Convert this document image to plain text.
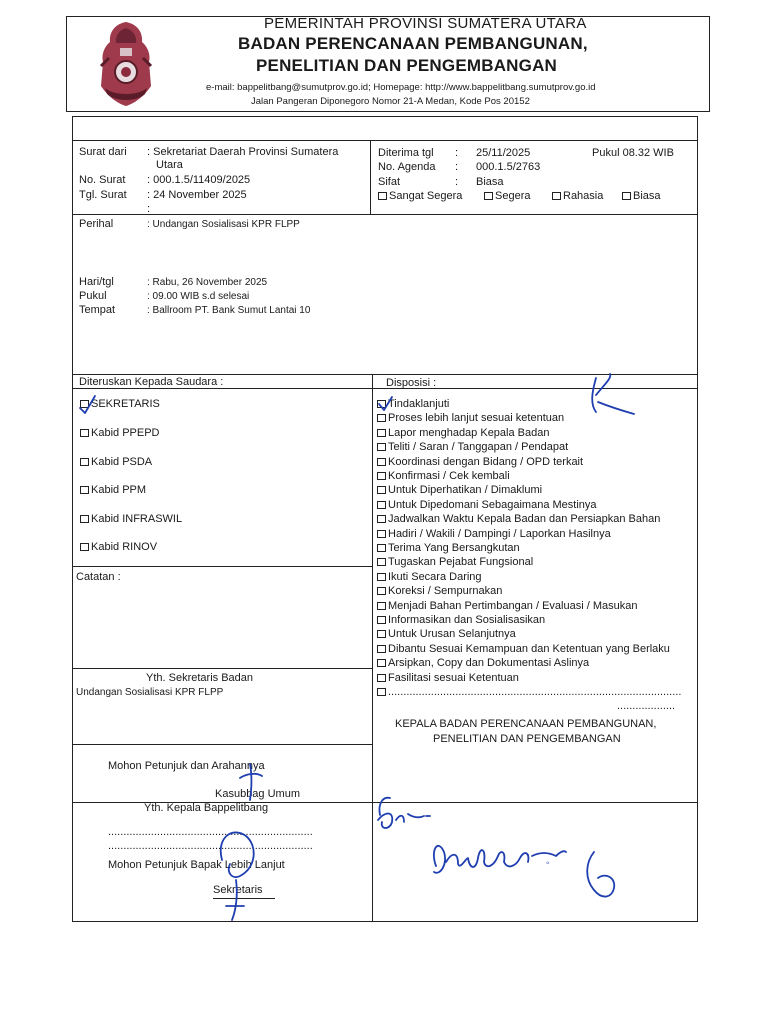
PEMERINTAH PROVINSI SUMATERA UTARA
BADAN PERENCANAAN PEMBANGUNAN,
PENELITIAN DAN PENGEMBANGAN
e-mail: bappelitbang@sumutprov.go.id; Homepage: http://www.bappelitbang.sumutprov.go.id
Jalan Pangeran Diponegoro Nomor 21-A Medan, Kode Pos 20152
Surat dari : Sekretariat Daerah Provinsi Sumatera
Utara
No. Surat : 000.1.5/11409/2025
Tgl. Surat : 24 November 2025
:
Diterima tgl : 25/11/2025	Pukul 08.32 WIB
No. Agenda : 000.1.5/2763
Sifat	: Biasa
Sangat Segera	Segera	Rahasia	Biasa
Perihal	: Undangan Sosialisasi KPR FLPP
Hari/tgl	: Rabu, 26 November 2025
Pukul	: 09.00 WIB s.d selesai
Tempat	: Ballroom PT. Bank Sumut Lantai 10
Diteruskan Kepada Saudara :
SEKRETARIS
Kabid PPEPD
Kabid PSDA
Kabid PPM
Kabid INFRASWIL
Kabid RINOV
Catatan :
Disposisi :
Tindaklanjuti
Proses lebih lanjut sesuai ketentuan
Lapor menghadap Kepala Badan
Teliti / Saran / Tanggapan / Pendapat
Koordinasi dengan Bidang / OPD terkait
Konfirmasi / Cek kembali
Untuk Diperhatikan / Dimaklumi
Untuk Dipedomani Sebagaimana Mestinya
Jadwalkan Waktu Kepala Badan dan Persiapkan Bahan
Hadiri / Wakili / Dampingi / Laporkan Hasilnya
Terima Yang Bersangkutan
Tugaskan Pejabat Fungsional
Ikuti Secara Daring
Koreksi / Sempurnakan
Menjadi Bahan Pertimbangan / Evaluasi / Masukan
Informasikan dan Sosialisasikan
Untuk Urusan Selanjutnya
Dibantu Sesuai Kemampuan dan Ketentuan yang Berlaku
Arsipkan, Copy dan Dokumentasi Aslinya
Fasilitasi sesuai Ketentuan
................................................................................................
...................
KEPALA BADAN PERENCANAAN PEMBANGUNAN,
PENELITIAN DAN PENGEMBANGAN
Yth. Sekretaris Badan
Undangan Sosialisasi KPR FLPP
Mohon Petunjuk dan Arahannya
Kasubbag Umum
Yth. Kepala Bappelitbang
...................................................................
...................................................................
Mohon Petunjuk Bapak Lebih Lanjut
Sekretaris
◦
